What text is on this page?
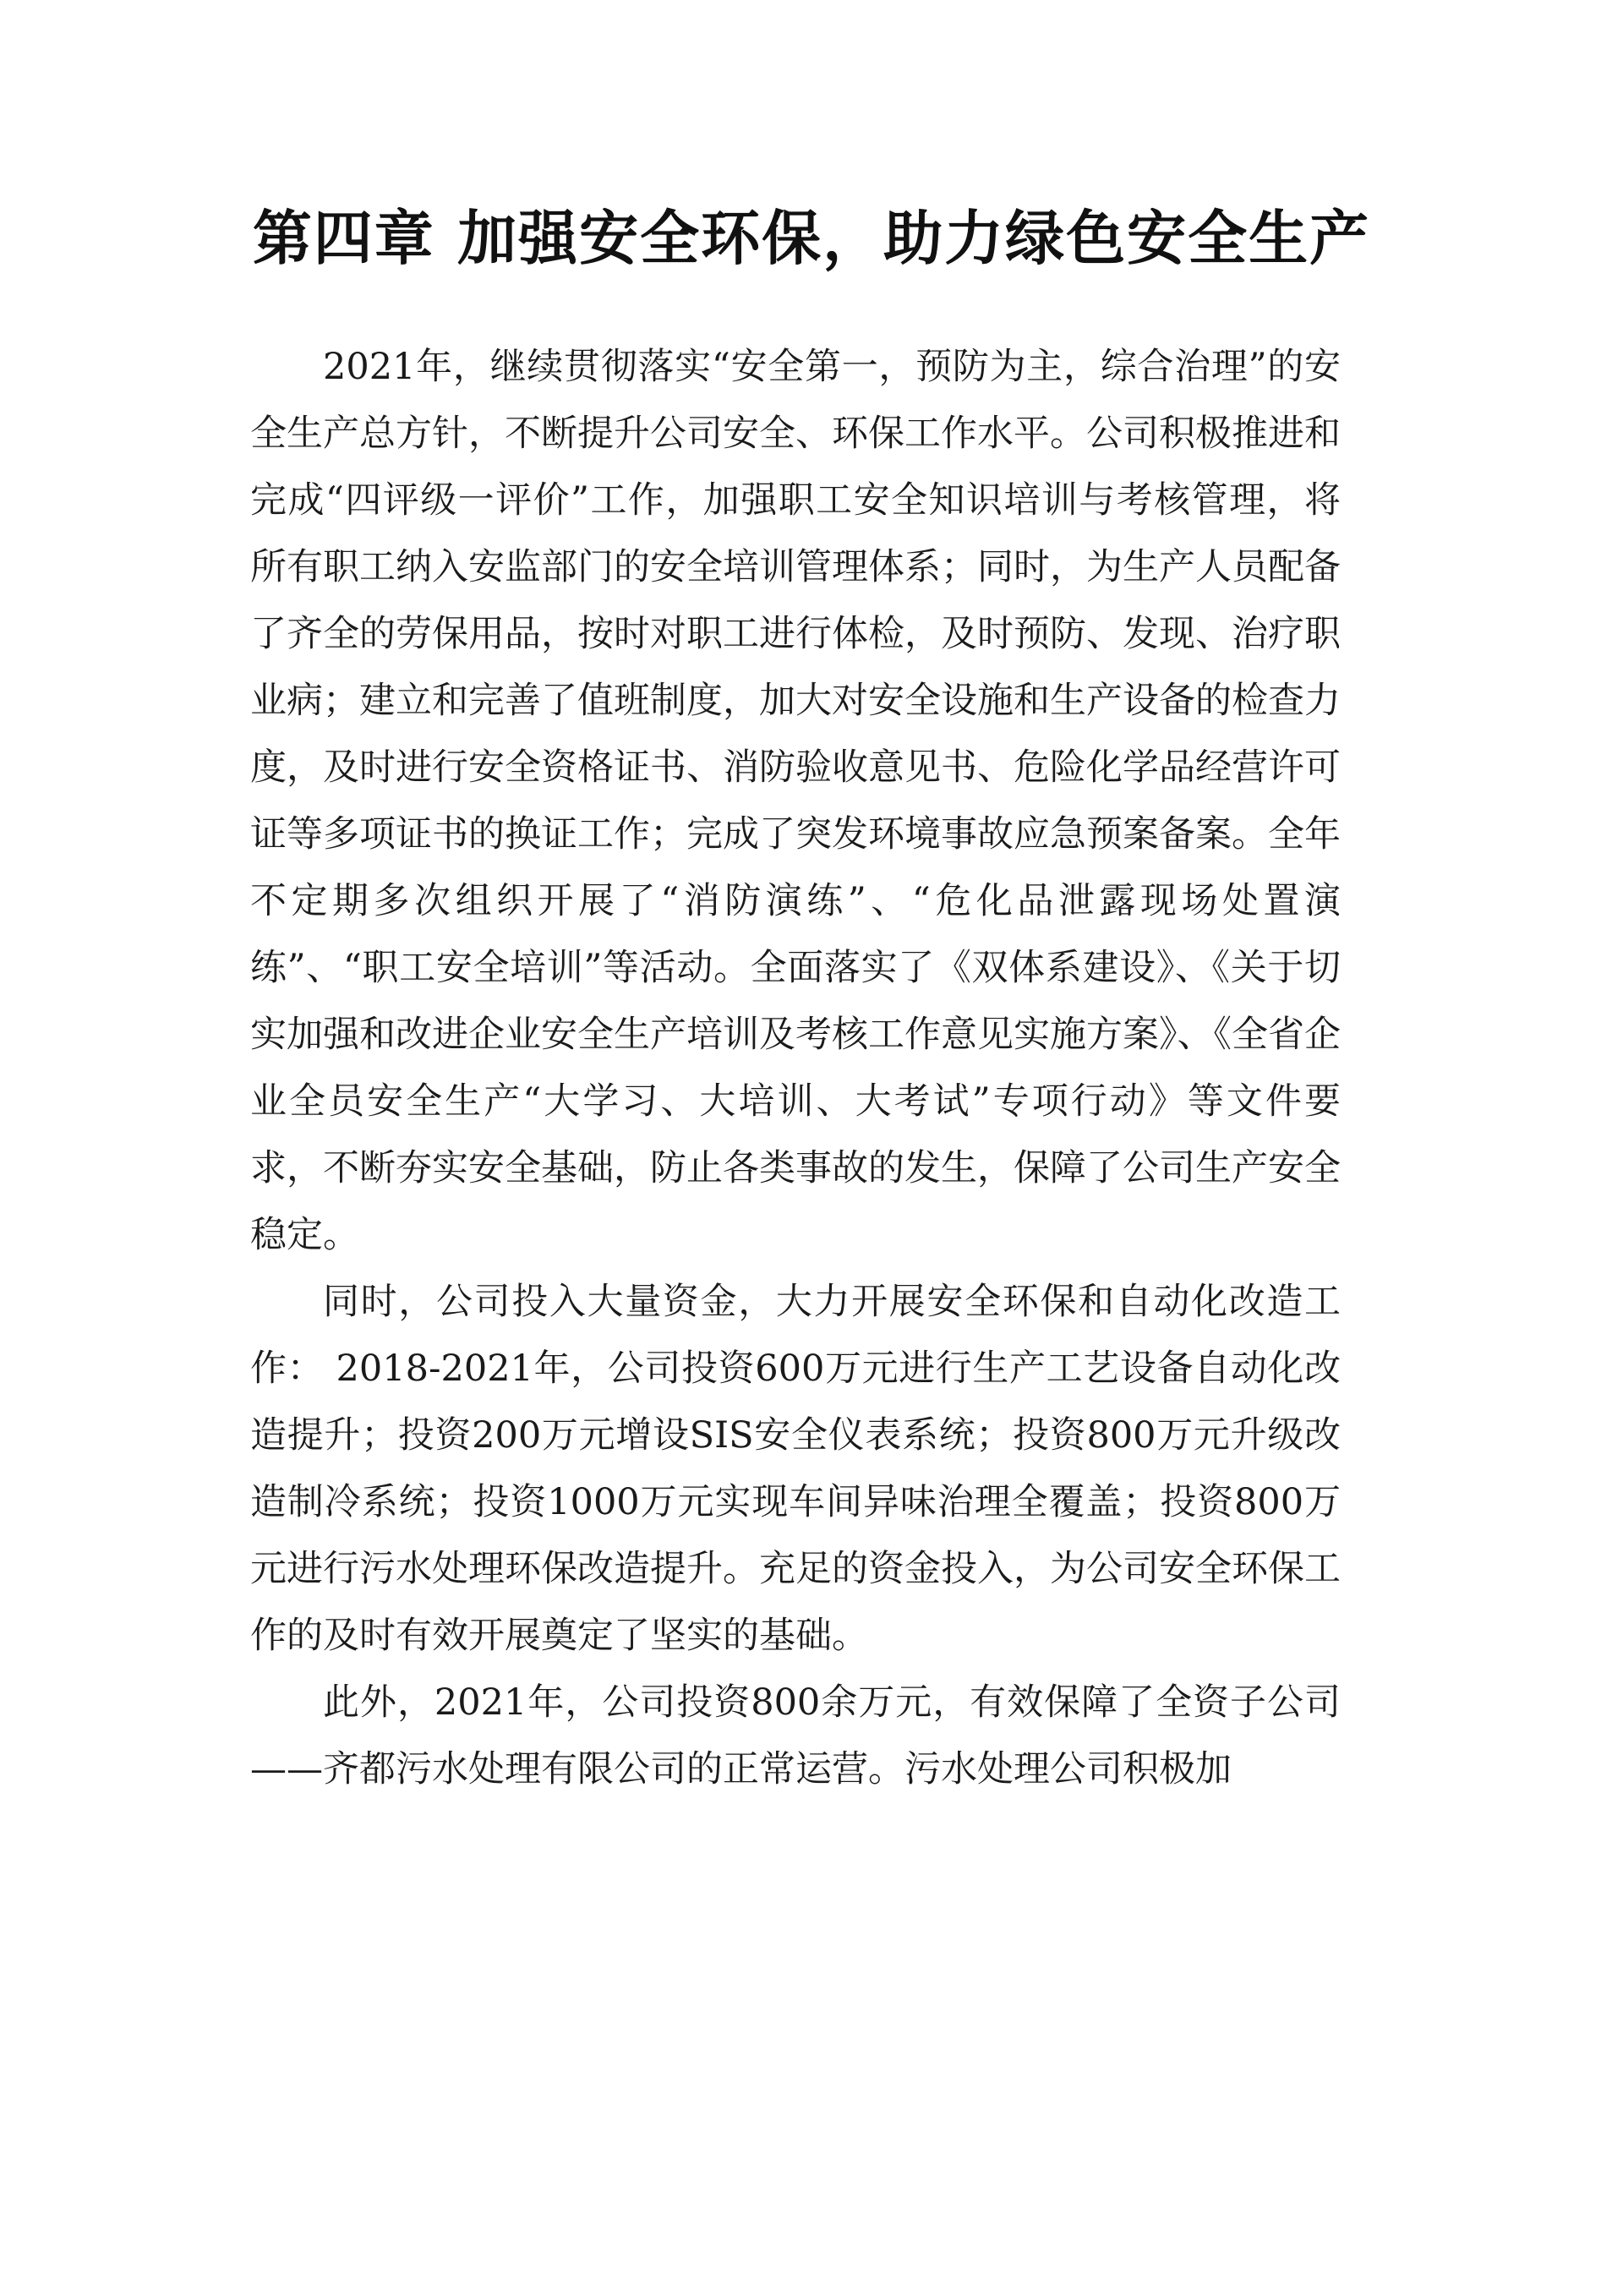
第四章 加强安全环保，助力绿色安全生产

2021年，继续贯彻落实“安全第一，预防为主，综合治理”的安全生产总方针，不断提升公司安全、环保工作水平。公司积极推进和完成“四评级一评价”工作，加强职工安全知识培训与考核管理，将所有职工纳入安监部门的安全培训管理体系；同时，为生产人员配备了齐全的劳保用品，按时对职工进行体检，及时预防、发现、治疗职业病；建立和完善了值班制度，加大对安全设施和生产设备的检查力度，及时进行安全资格证书、消防验收意见书、危险化学品经营许可证等多项证书的换证工作；完成了突发环境事故应急预案备案。全年不定期多次组织开展了“消防演练”、“危化品泄露现场处置演练”、“职工安全培训”等活动。全面落实了《双体系建设》、《关于切实加强和改进企业安全生产培训及考核工作意见实施方案》、《全省企业全员安全生产“大学习、大培训、大考试”专项行动》等文件要求，不断夯实安全基础，防止各类事故的发生，保障了公司生产安全稳定。

同时，公司投入大量资金，大力开展安全环保和自动化改造工作： 2018-2021年，公司投资600万元进行生产工艺设备自动化改造提升；投资200万元增设SIS安全仪表系统；投资800万元升级改造制冷系统；投资1000万元实现车间异味治理全覆盖；投资800万元进行污水处理环保改造提升。充足的资金投入，为公司安全环保工作的及时有效开展奠定了坚实的基础。

此外，2021年，公司投资800余万元，有效保障了全资子公司——齐都污水处理有限公司的正常运营。污水处理公司积极加
